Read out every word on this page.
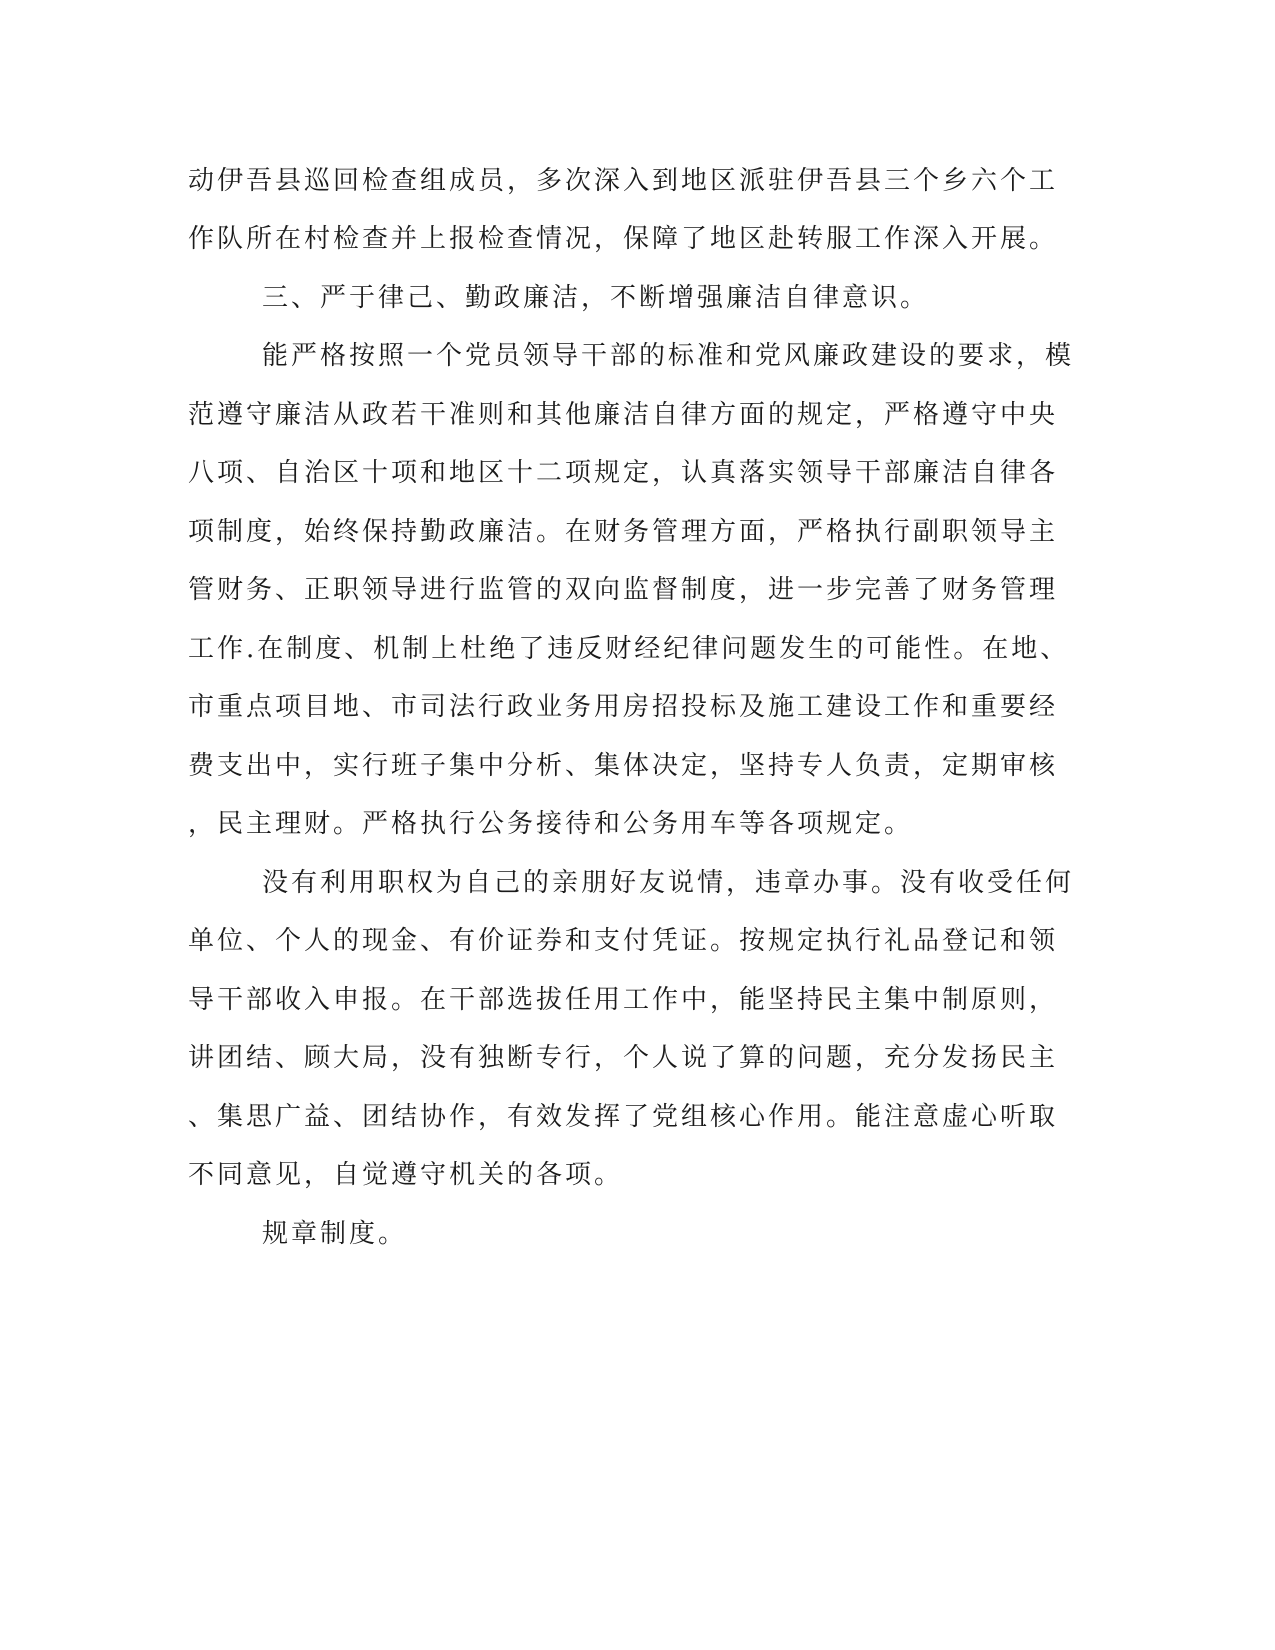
动伊吾县巡回检查组成员，多次深入到地区派驻伊吾县三个乡六个工
作队所在村检查并上报检查情况，保障了地区赴转服工作深入开展。
三、严于律己、勤政廉洁，不断增强廉洁自律意识。
能严格按照一个党员领导干部的标准和党风廉政建设的要求，模
范遵守廉洁从政若干准则和其他廉洁自律方面的规定，严格遵守中央
八项、自治区十项和地区十二项规定，认真落实领导干部廉洁自律各
项制度，始终保持勤政廉洁。在财务管理方面，严格执行副职领导主
管财务、正职领导进行监管的双向监督制度，进一步完善了财务管理
工作.在制度、机制上杜绝了违反财经纪律问题发生的可能性。在地、
市重点项目地、市司法行政业务用房招投标及施工建设工作和重要经
费支出中，实行班子集中分析、集体决定，坚持专人负责，定期审核
，民主理财。严格执行公务接待和公务用车等各项规定。
没有利用职权为自己的亲朋好友说情，违章办事。没有收受任何
单位、个人的现金、有价证券和支付凭证。按规定执行礼品登记和领
导干部收入申报。在干部选拔任用工作中，能坚持民主集中制原则，
讲团结、顾大局，没有独断专行，个人说了算的问题，充分发扬民主
、集思广益、团结协作，有效发挥了党组核心作用。能注意虚心听取
不同意见，自觉遵守机关的各项。
规章制度。
